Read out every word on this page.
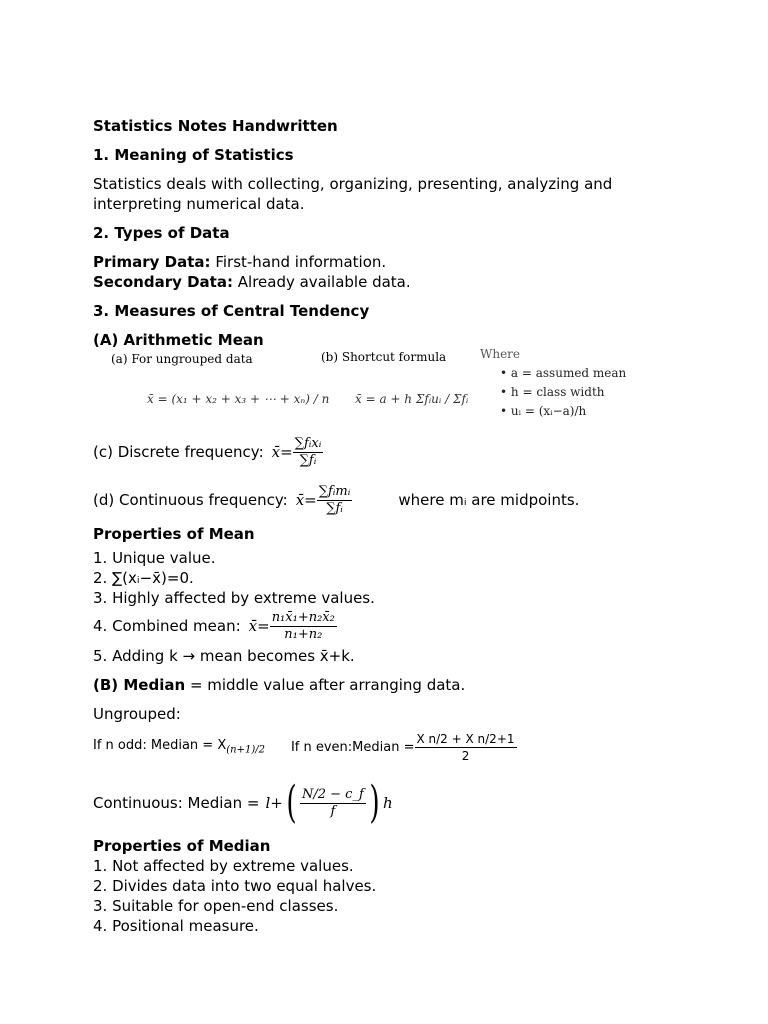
Statistics Notes Handwritten
1. Meaning of Statistics
Statistics deals with collecting, organizing, presenting, analyzing and
interpreting numerical data.
2. Types of Data
Primary Data: First-hand information.
Secondary Data: Already available data.
3. Measures of Central Tendency
(A) Arithmetic Mean
(a) For ungrouped data
x̄ = (x₁ + x₂ + x₃ + ⋯ + xₙ) / n
(b) Shortcut formula
x̄ = a + h Σfᵢuᵢ / Σfᵢ
Where
• a = assumed mean
• h = class width
• uᵢ = (xᵢ−a)/h
(c) Discrete frequency: x̄= $\frac{\text{∑fᵢxᵢ}}{\text{∑fᵢ}}$
(d) Continuous frequency: x̄= $\frac{\text{∑fᵢmᵢ}}{\text{∑fᵢ}}$	where mᵢ are midpoints.
Properties of Mean
1. Unique value.
2. ∑(xᵢ−x̄)=0.
3. Highly affected by extreme values.
4. Combined mean: x̄= $\frac{\text{n₁x̄₁+n₂x̄₂}}{\text{n₁+n₂}}$
5. Adding k → mean becomes x̄+k.
(B) Median = middle value after arranging data.
Ungrouped:
If n odd: Median = $X_{(n+1)/2}$ If n even:Median = $\frac{\text{X n/2 + X n/2+1}}{2}$
Continuous: Median = l+ ( $\frac{N/2 - c\_f}{f}$ ) h
Properties of Median
1. Not affected by extreme values.
2. Divides data into two equal halves.
3. Suitable for open-end classes.
4. Positional measure.
